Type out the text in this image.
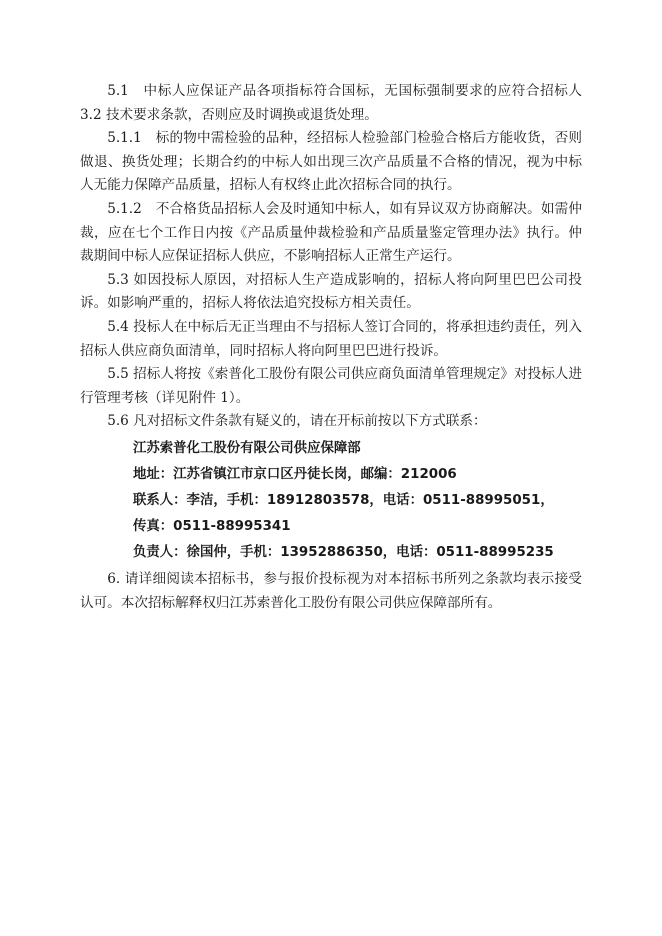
5.1　中标人应保证产品各项指标符合国标，无国标强制要求的应符合招标人 3.2 技术要求条款，否则应及时调换或退货处理。

5.1.1　标的物中需检验的品种，经招标人检验部门检验合格后方能收货，否则做退、换货处理；长期合约的中标人如出现三次产品质量不合格的情况，视为中标人无能力保障产品质量，招标人有权终止此次招标合同的执行。

5.1.2　不合格货品招标人会及时通知中标人，如有异议双方协商解决。如需仲裁，应在七个工作日内按《产品质量仲裁检验和产品质量鉴定管理办法》执行。仲裁期间中标人应保证招标人供应，不影响招标人正常生产运行。

5.3 如因投标人原因，对招标人生产造成影响的，招标人将向阿里巴巴公司投诉。如影响严重的，招标人将依法追究投标方相关责任。

5.4 投标人在中标后无正当理由不与招标人签订合同的，将承担违约责任，列入招标人供应商负面清单，同时招标人将向阿里巴巴进行投诉。

5.5 招标人将按《索普化工股份有限公司供应商负面清单管理规定》对投标人进行管理考核（详见附件 1）。

5.6 凡对招标文件条款有疑义的，请在开标前按以下方式联系：

江苏索普化工股份有限公司供应保障部
地址：江苏省镇江市京口区丹徒长岗，邮编：212006
联系人：李洁，手机：18912803578，电话：0511-88995051，
传真：0511-88995341
负责人：徐国仲，手机：13952886350，电话：0511-88995235

6. 请详细阅读本招标书，参与报价投标视为对本招标书所列之条款均表示接受认可。本次招标解释权归江苏索普化工股份有限公司供应保障部所有。
